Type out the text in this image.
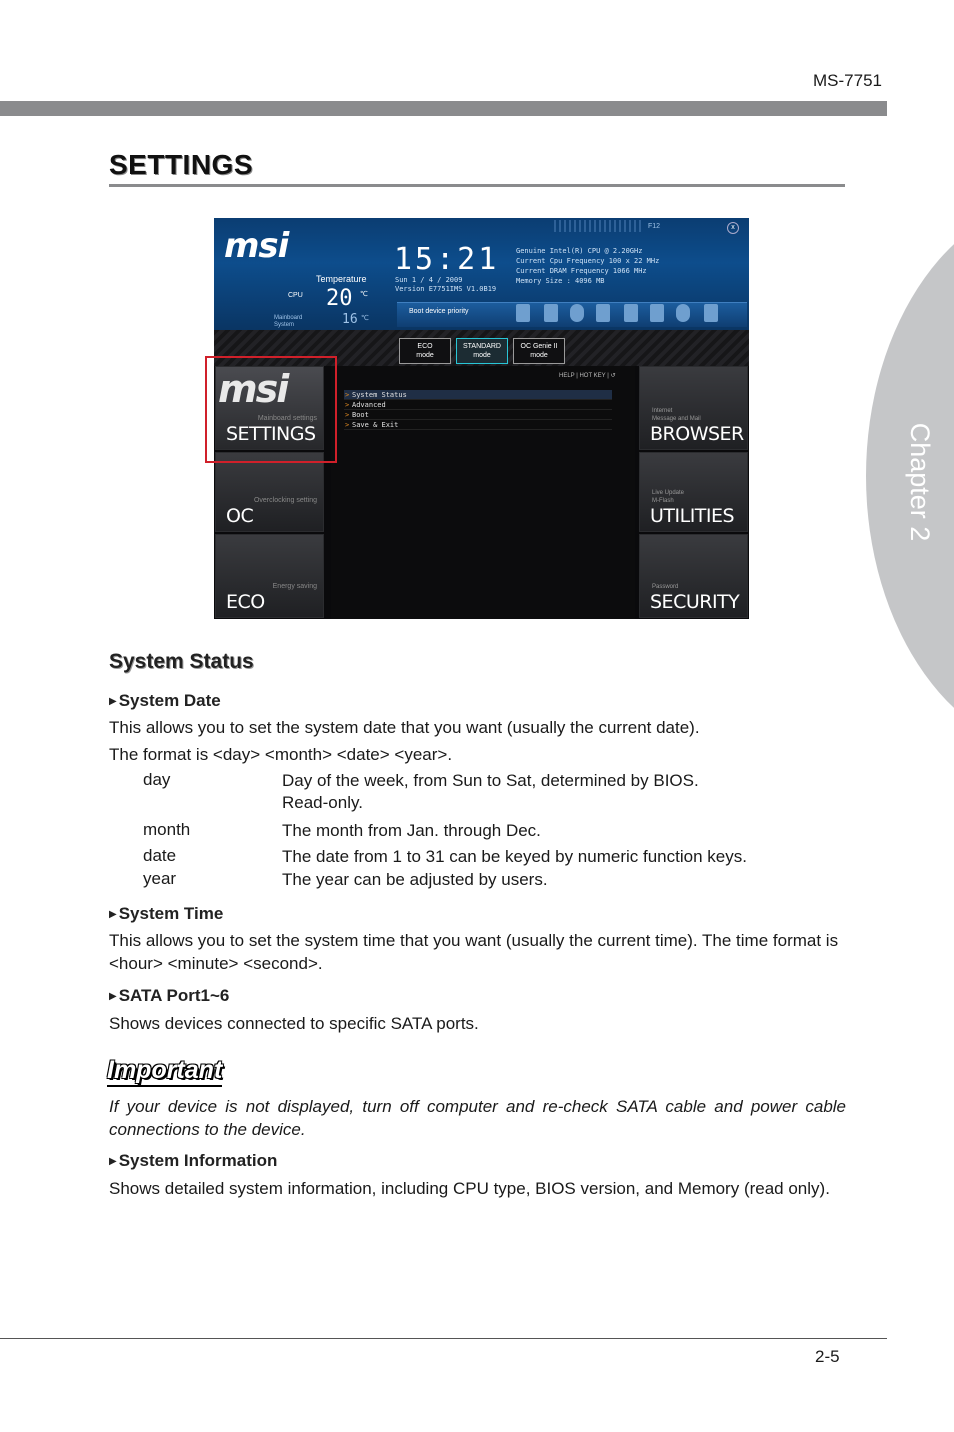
MS-7751
Chapter 2
SETTINGS
msi	F12	x
Temperature
CPU 20 ℃
Mainboard System	16 ℃
15:21
Sun 1 / 4 / 2009
Version E7751IMS V1.0B19
Genuine Intel(R) CPU @ 2.20GHz
Current Cpu Frequency 100 x 22 MHz
Current DRAM Frequency 1066 MHz
Memory Size : 4096 MB
Boot device priority
ECO
mode
STANDARD
mode
OC Genie II
mode
msi
Mainboard settings
SETTINGS
Overclocking setting
OC
Energy saving
ECO
HELP | HOT KEY | ↺
> System Status
> Advanced
> Boot
> Save & Exit
Internet
Message and Mail
BROWSER
Live Update
M-Flash
UTILITIES
Password
SECURITY
System Status
▶ System Date
This allows you to set the system date that you want (usually the current date).
The format is <day> <month> <date> <year>.
day	Day of the week, from Sun to Sat, determined by BIOS.
Read-only.
month	The month from Jan. through Dec.
date	The date from 1 to 31 can be keyed by numeric function keys.
year	The year can be adjusted by users.
▶ System Time
This allows you to set the system time that you want (usually the current time). The time format is <hour> <minute> <second>.
▶ SATA Port1~6
Shows devices connected to specific SATA ports.
Important
If your device is not displayed, turn off computer and re-check SATA cable and power cable connections to the device.
▶ System Information
Shows detailed system information, including CPU type, BIOS version, and Memory (read only).
2-5
